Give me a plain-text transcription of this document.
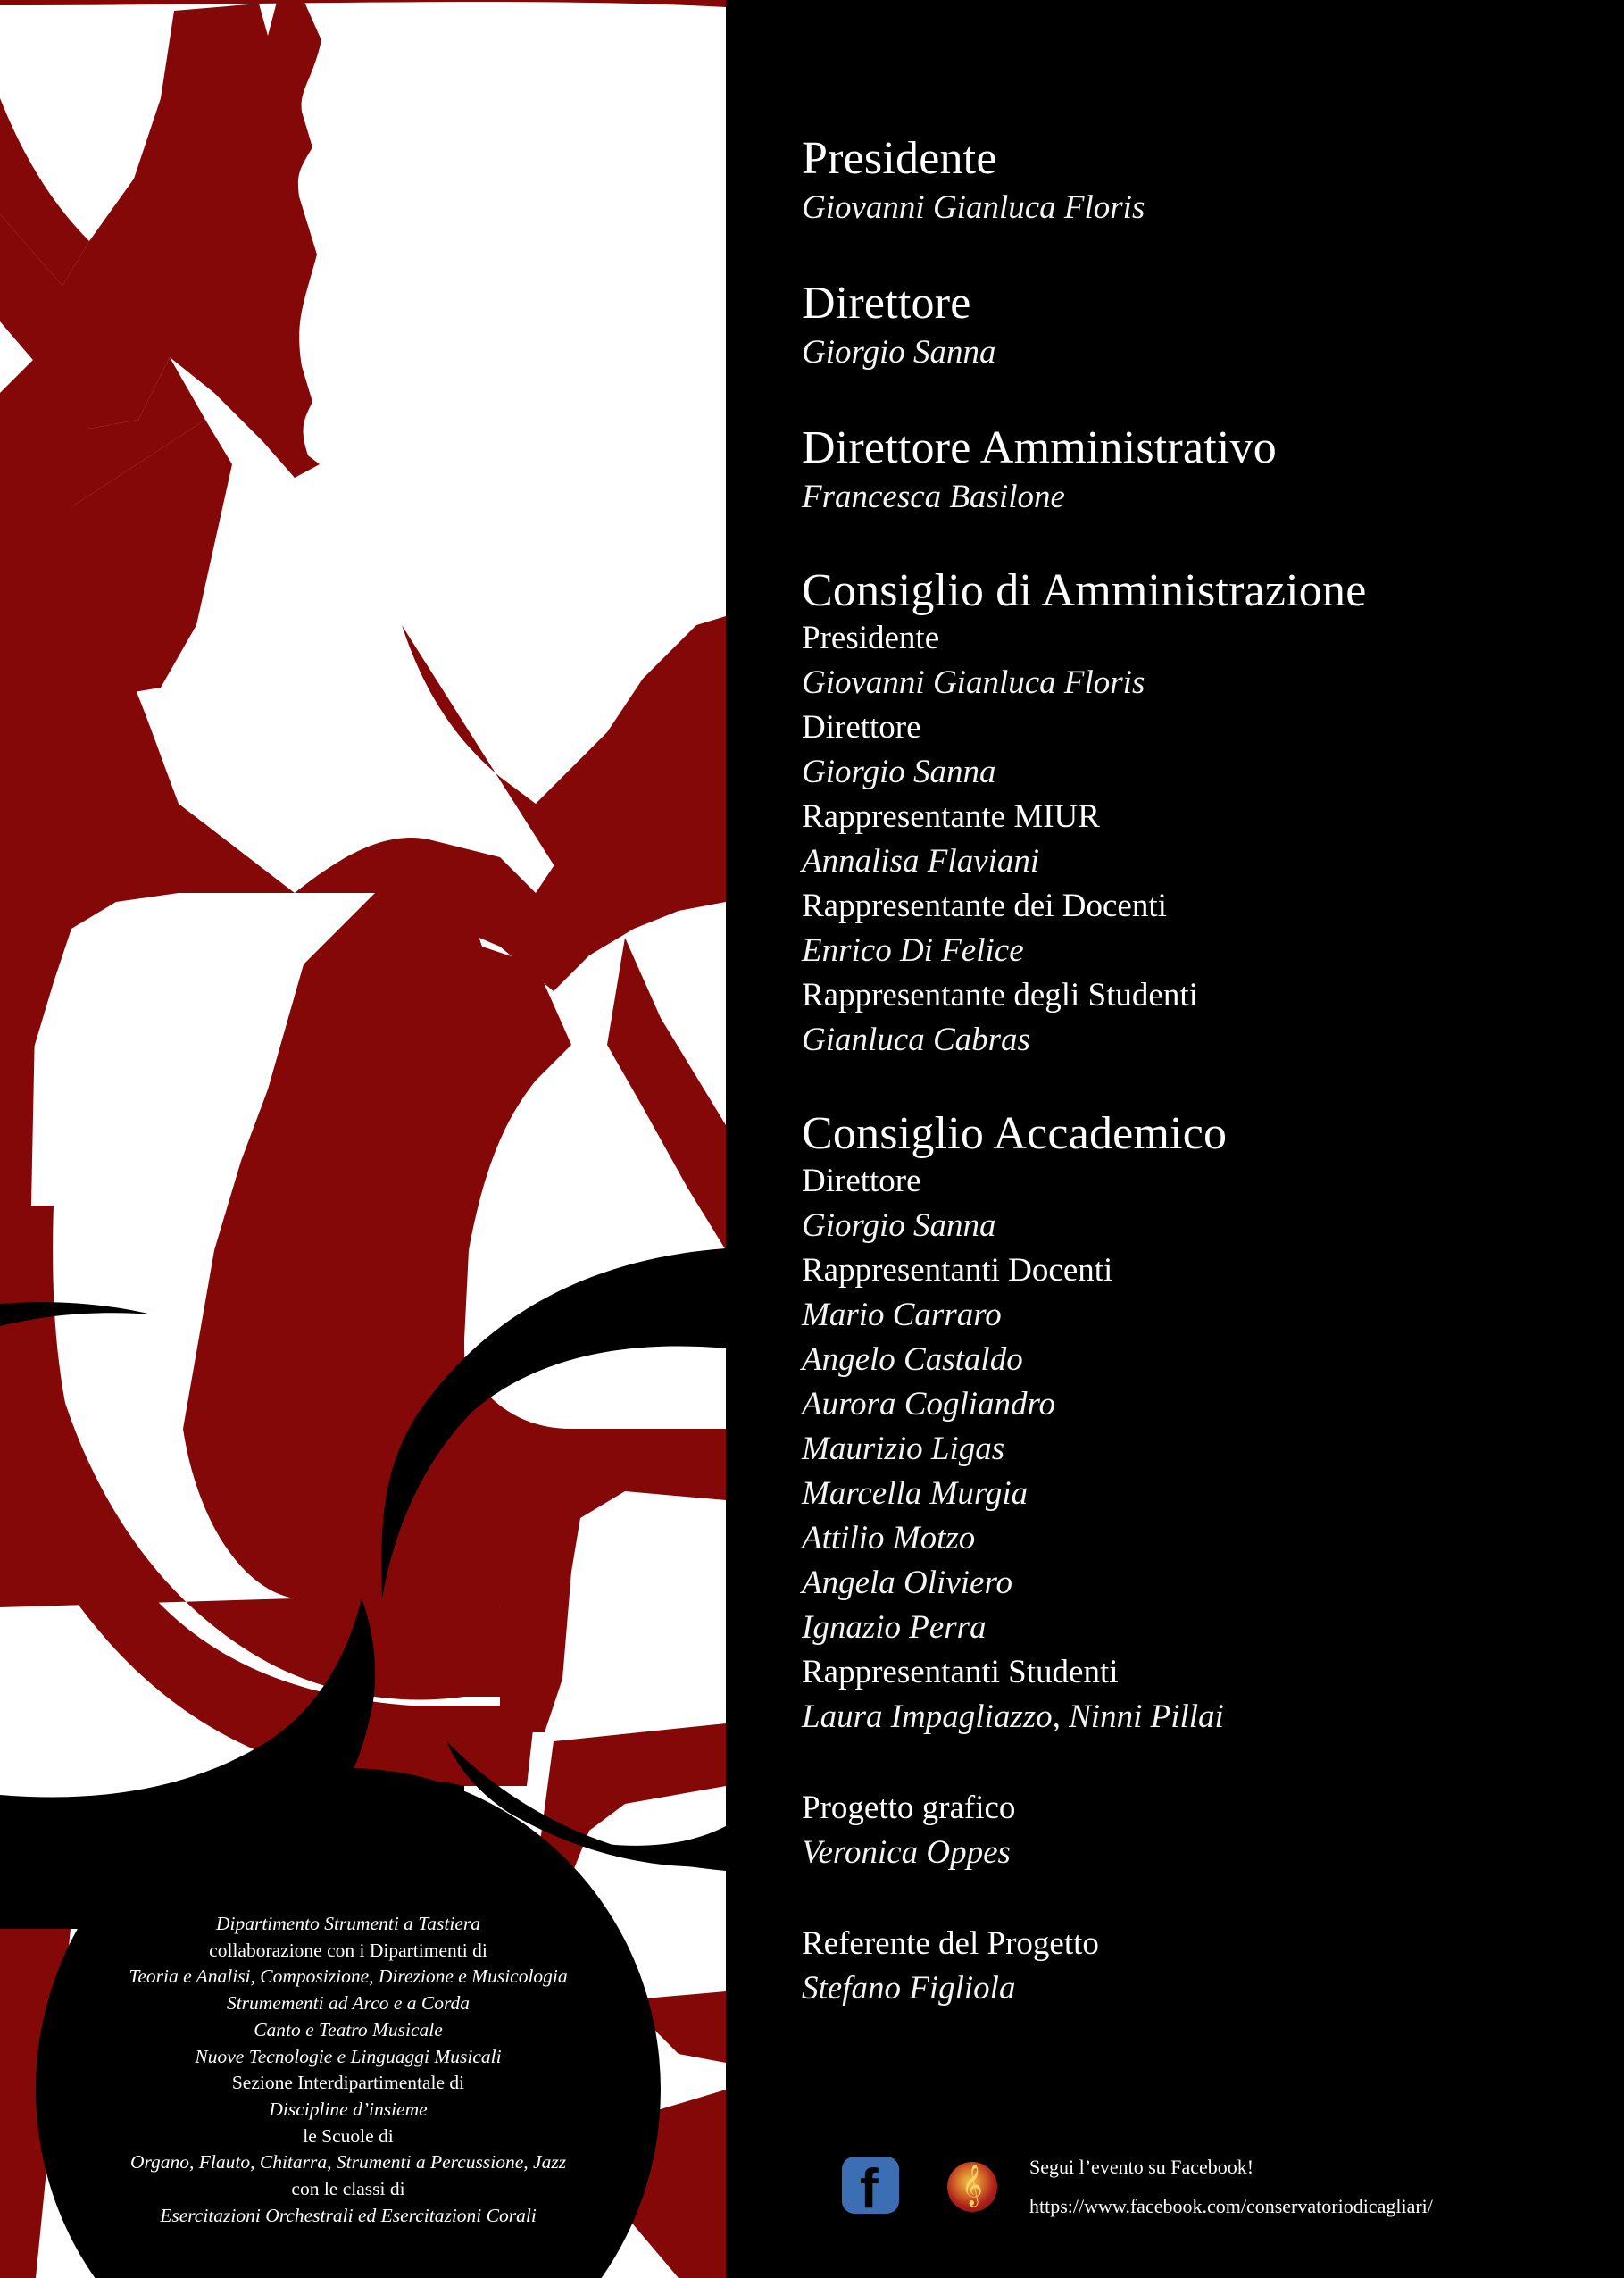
Dipartimento Strumenti a Tastiera
collaborazione con i Dipartimenti di
Teoria e Analisi, Composizione, Direzione e Musicologia
Strumementi ad Arco e a Corda
Canto e Teatro Musicale
Nuove Tecnologie e Linguaggi Musicali
Sezione Interdipartimentale di
Discipline d’insieme
le Scuole di
Organo, Flauto, Chitarra, Strumenti a Percussione, Jazz
con le classi di
Esercitazioni Orchestrali ed Esercitazioni Corali
Presidente

Giovanni Gianluca Floris

Direttore

Giorgio Sanna

Direttore Amministrativo

Francesca Basilone

Consiglio di Amministrazione

Presidente

Giovanni Gianluca Floris

Direttore

Giorgio Sanna

Rappresentante MIUR

Annalisa Flaviani

Rappresentante dei Docenti

Enrico Di Felice

Rappresentante degli Studenti

Gianluca Cabras

Consiglio Accademico

Direttore

Giorgio Sanna

Rappresentanti Docenti

Mario Carraro

Angelo Castaldo

Aurora Cogliandro

Maurizio Ligas

Marcella Murgia

Attilio Motzo

Angela Oliviero

Ignazio Perra

Rappresentanti Studenti

Laura Impagliazzo, Ninni Pillai

Progetto grafico

Veronica Oppes

Referente del Progetto

Stefano Figliola

f 𝄞 Segui l’evento su Facebook!
https://www.facebook.com/conservatoriodicagliari/
